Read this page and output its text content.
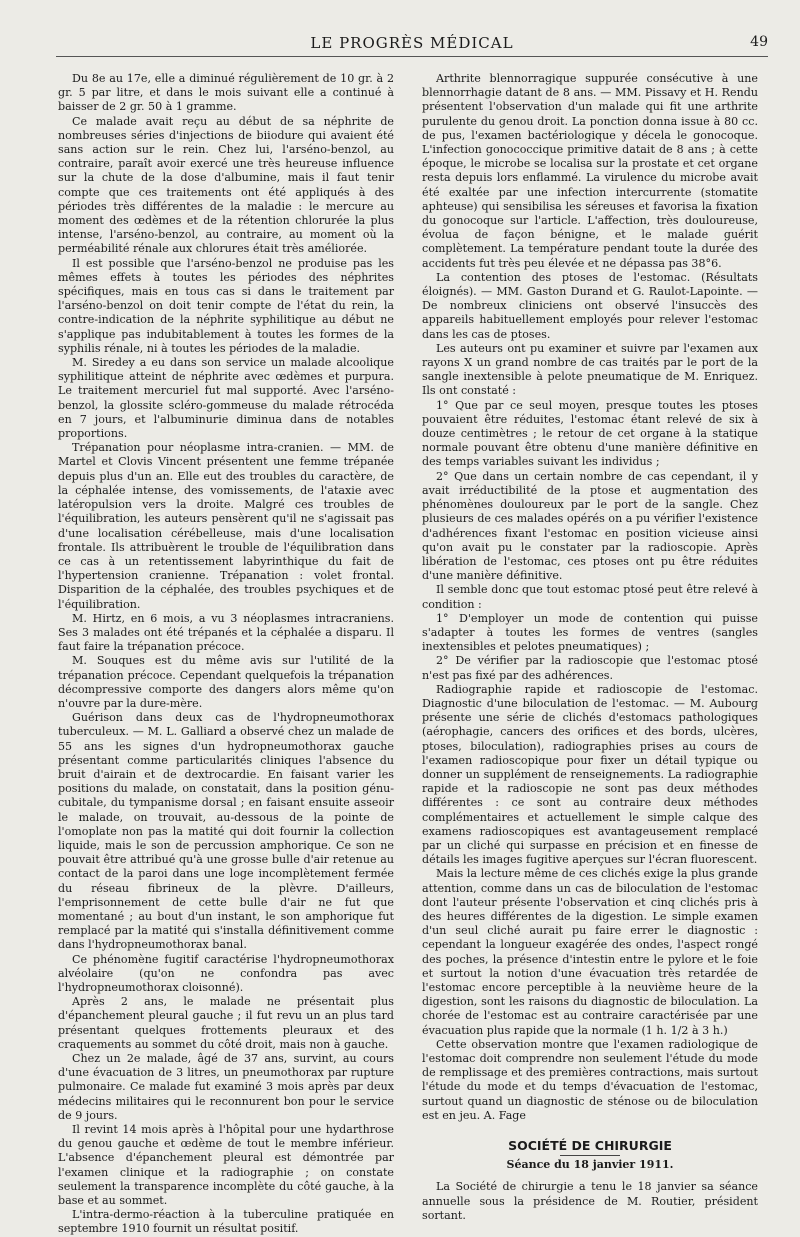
LE PROGRÈS MÉDICAL	49

Du 8e au 17e, elle a diminué régulièrement de 10 gr. à 2 gr. 5 par litre, et dans le mois suivant elle a continué à baisser de 2 gr. 50 à 1 gramme.

Ce malade avait reçu au début de sa néphrite de nombreuses séries d'injections de biiodure qui avaient été sans action sur le rein. Chez lui, l'arséno-benzol, au contraire, paraît avoir exercé une très heureuse influence sur la chute de la dose d'albumine, mais il faut tenir compte que ces traitements ont été appliqués à des périodes très différentes de la maladie : le mercure au moment des œdèmes et de la rétention chlorurée la plus intense, l'arséno-benzol, au contraire, au moment où la perméabilité rénale aux chlorures était très améliorée.

Il est possible que l'arséno-benzol ne produise pas les mêmes effets à toutes les périodes des néphrites spécifiques, mais en tous cas si dans le traitement par l'arséno-benzol on doit tenir compte de l'état du rein, la contre-indication de la néphrite syphilitique au début ne s'applique pas indubitablement à toutes les formes de la syphilis rénale, ni à toutes les périodes de la maladie.

M. Siredey a eu dans son service un malade alcoolique syphilitique atteint de néphrite avec œdèmes et purpura. Le traitement mercuriel fut mal supporté. Avec l'arséno-benzol, la glossite scléro-gommeuse du malade rétrocéda en 7 jours, et l'albuminurie diminua dans de notables proportions.

Trépanation pour néoplasme intra-cranien. — MM. de Martel et Clovis Vincent présentent une femme trépanée depuis plus d'un an. Elle eut des troubles du caractère, de la céphalée intense, des vomissements, de l'ataxie avec latéropulsion vers la droite. Malgré ces troubles de l'équilibration, les auteurs pensèrent qu'il ne s'agissait pas d'une localisation cérébelleuse, mais d'une localisation frontale. Ils attribuèrent le trouble de l'équilibration dans ce cas à un retentissement labyrinthique du fait de l'hypertension cranienne. Trépanation : volet frontal. Disparition de la céphalée, des troubles psychiques et de l'équilibration.

M. Hirtz, en 6 mois, a vu 3 néoplasmes intracraniens. Ses 3 malades ont été trépanés et la céphalée a disparu. Il faut faire la trépanation précoce.

M. Souques est du même avis sur l'utilité de la trépanation précoce. Cependant quelquefois la trépanation décompressive comporte des dangers alors même qu'on n'ouvre par la dure-mère.

Guérison dans deux cas de l'hydropneumothorax tuberculeux. — M. L. Galliard a observé chez un malade de 55 ans les signes d'un hydropneumothorax gauche présentant comme particularités cliniques l'absence du bruit d'airain et de dextrocardie. En faisant varier les positions du malade, on constatait, dans la position génu-cubitale, du tympanisme dorsal ; en faisant ensuite asseoir le malade, on trouvait, au-dessous de la pointe de l'omoplate non pas la matité qui doit fournir la collection liquide, mais le son de percussion amphorique. Ce son ne pouvait être attribué qu'à une grosse bulle d'air retenue au contact de la paroi dans une loge incomplètement fermée du réseau fibrineux de la plèvre. D'ailleurs, l'emprisonnement de cette bulle d'air ne fut que momentané ; au bout d'un instant, le son amphorique fut remplacé par la matité qui s'installa définitivement comme dans l'hydropneumothorax banal.

Ce phénomène fugitif caractérise l'hydropneumothorax alvéolaire (qu'on ne confondra pas avec l'hydropneumothorax cloisonné).

Après 2 ans, le malade ne présentait plus d'épanchement pleural gauche ; il fut revu un an plus tard présentant quelques frottements pleuraux et des craquements au sommet du côté droit, mais non à gauche.

Chez un 2e malade, âgé de 37 ans, survint, au cours d'une évacuation de 3 litres, un pneumothorax par rupture pulmonaire. Ce malade fut examiné 3 mois après par deux médecins militaires qui le reconnurent bon pour le service de 9 jours.

Il revint 14 mois après à l'hôpital pour une hydarthrose du genou gauche et œdème de tout le membre inférieur. L'absence d'épanchement pleural est démontrée par l'examen clinique et la radiographie ; on constate seulement la transparence incomplète du côté gauche, à la base et au sommet.

L'intra-dermo-réaction à la tuberculine pratiquée en septembre 1910 fournit un résultat positif.

Arthrite blennorragique suppurée consécutive à une blennorrhagie datant de 8 ans. — MM. Pissavy et H. Rendu présentent l'observation d'un malade qui fit une arthrite purulente du genou droit. La ponction donna issue à 80 cc. de pus, l'examen bactériologique y décela le gonocoque. L'infection gonococcique primitive datait de 8 ans ; à cette époque, le microbe se localisa sur la prostate et cet organe resta depuis lors enflammé. La virulence du microbe avait été exaltée par une infection intercurrente (stomatite aphteuse) qui sensibilisa les séreuses et favorisa la fixation du gonocoque sur l'article. L'affection, très douloureuse, évolua de façon bénigne, et le malade guérit complètement. La température pendant toute la durée des accidents fut très peu élevée et ne dépassa pas 38°6.

La contention des ptoses de l'estomac. (Résultats éloignés). — MM. Gaston Durand et G. Raulot-Lapointe. — De nombreux cliniciens ont observé l'insuccès des appareils habituellement employés pour relever l'estomac dans les cas de ptoses.

Les auteurs ont pu examiner et suivre par l'examen aux rayons X un grand nombre de cas traités par le port de la sangle inextensible à pelote pneumatique de M. Enriquez. Ils ont constaté :

1° Que par ce seul moyen, presque toutes les ptoses pouvaient être réduites, l'estomac étant relevé de six à douze centimètres ; le retour de cet organe à la statique normale pouvant être obtenu d'une manière définitive en des temps variables suivant les individus ;

2° Que dans un certain nombre de cas cependant, il y avait irréductibilité de la ptose et augmentation des phénomènes douloureux par le port de la sangle. Chez plusieurs de ces malades opérés on a pu vérifier l'existence d'adhérences fixant l'estomac en position vicieuse ainsi qu'on avait pu le constater par la radioscopie. Après libération de l'estomac, ces ptoses ont pu être réduites d'une manière définitive.

Il semble donc que tout estomac ptosé peut être relevé à condition :

1° D'employer un mode de contention qui puisse s'adapter à toutes les formes de ventres (sangles inextensibles et pelotes pneumatiques) ;

2° De vérifier par la radioscopie que l'estomac ptosé n'est pas fixé par des adhérences.

Radiographie rapide et radioscopie de l'estomac. Diagnostic d'une biloculation de l'estomac. — M. Aubourg présente une série de clichés d'estomacs pathologiques (aérophagie, cancers des orifices et des bords, ulcères, ptoses, biloculation), radiographies prises au cours de l'examen radioscopique pour fixer un détail typique ou donner un supplément de renseignements. La radiographie rapide et la radioscopie ne sont pas deux méthodes différentes : ce sont au contraire deux méthodes complémentaires et actuellement le simple calque des examens radioscopiques est avantageusement remplacé par un cliché qui surpasse en précision et en finesse de détails les images fugitive aperçues sur l'écran fluorescent.

Mais la lecture même de ces clichés exige la plus grande attention, comme dans un cas de biloculation de l'estomac dont l'auteur présente l'observation et cinq clichés pris à des heures différentes de la digestion. Le simple examen d'un seul cliché aurait pu faire errer le diagnostic : cependant la longueur exagérée des ondes, l'aspect rongé des poches, la présence d'intestin entre le pylore et le foie et surtout la notion d'une évacuation très retardée de l'estomac encore perceptible à la neuvième heure de la digestion, sont les raisons du diagnostic de biloculation. La chorée de l'estomac est au contraire caractérisée par une évacuation plus rapide que la normale (1 h. 1/2 à 3 h.)

Cette observation montre que l'examen radiologique de l'estomac doit comprendre non seulement l'étude du mode de remplissage et des premières contractions, mais surtout l'étude du mode et du temps d'évacuation de l'estomac, surtout quand un diagnostic de sténose ou de biloculation est en jeu. A. Fage

SOCIÉTÉ DE CHIRURGIE
Séance du 18 janvier 1911.

La Société de chirurgie a tenu le 18 janvier sa séance annuelle sous la présidence de M. Routier, président sortant.
